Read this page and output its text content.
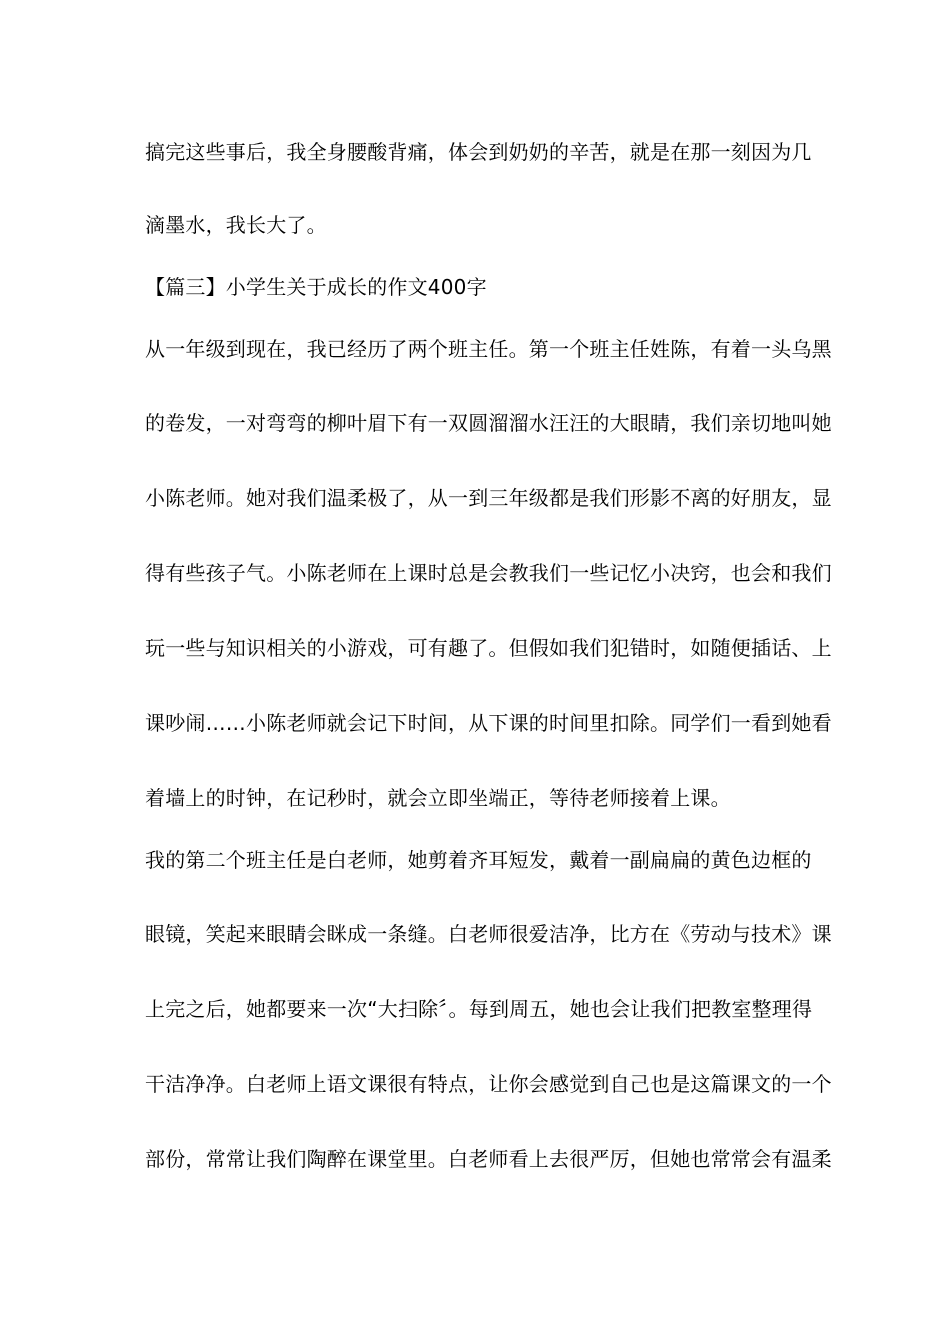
搞完这些事后，我全身腰酸背痛，体会到奶奶的辛苦，就是在那一刻因为几
滴墨水，我长大了。
【篇三】小学生关于成长的作文400字
从一年级到现在，我已经历了两个班主任。第一个班主任姓陈，有着一头乌黑
的卷发，一对弯弯的柳叶眉下有一双圆溜溜水汪汪的大眼睛，我们亲切地叫她
小陈老师。她对我们温柔极了，从一到三年级都是我们形影不离的好朋友，显
得有些孩子气。小陈老师在上课时总是会教我们一些记忆小决窍，也会和我们
玩一些与知识相关的小游戏，可有趣了。但假如我们犯错时，如随便插话、上
课吵闹……小陈老师就会记下时间，从下课的时间里扣除。同学们一看到她看
着墙上的时钟，在记秒时，就会立即坐端正，等待老师接着上课。
我的第二个班主任是白老师，她剪着齐耳短发，戴着一副扁扁的黄色边框的
眼镜，笑起来眼睛会眯成一条缝。白老师很爱洁净，比方在《劳动与技术》课
上完之后，她都要来一次“大扫除〞。每到周五，她也会让我们把教室整理得
干洁净净。白老师上语文课很有特点，让你会感觉到自己也是这篇课文的一个
部份，常常让我们陶醉在课堂里。白老师看上去很严厉，但她也常常会有温柔
